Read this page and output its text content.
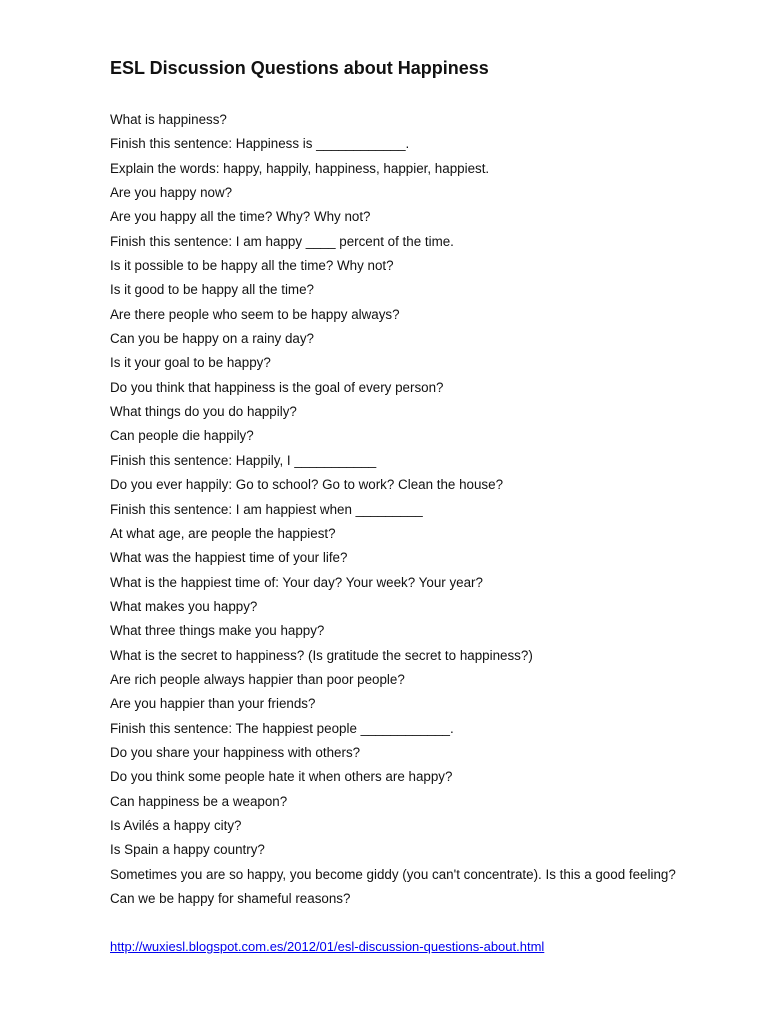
ESL Discussion Questions about Happiness
What is happiness?
Finish this sentence: Happiness is ____________.
Explain the words: happy, happily, happiness, happier, happiest.
Are you happy now?
Are you happy all the time? Why? Why not?
Finish this sentence: I am happy ____ percent of the time.
Is it possible to be happy all the time? Why not?
Is it good to be happy all the time?
Are there people who seem to be happy always?
Can you be happy on a rainy day?
Is it your goal to be happy?
Do you think that happiness is the goal of every person?
What things do you do happily?
Can people die happily?
Finish this sentence: Happily, I ___________
Do you ever happily: Go to school? Go to work? Clean the house?
Finish this sentence: I am happiest when _________
At what age, are people the happiest?
What was the happiest time of your life?
What is the happiest time of: Your day? Your week? Your year?
What makes you happy?
What three things make you happy?
What is the secret to happiness? (Is gratitude the secret to happiness?)
Are rich people always happier than poor people?
Are you happier than your friends?
Finish this sentence: The happiest people ____________.
Do you share your happiness with others?
Do you think some people hate it when others are happy?
Can happiness be a weapon?
Is Avilés a happy city?
Is Spain a happy country?
Sometimes you are so happy, you become giddy (you can't concentrate). Is this a good feeling?
Can we be happy for shameful reasons?
http://wuxiesl.blogspot.com.es/2012/01/esl-discussion-questions-about.html
